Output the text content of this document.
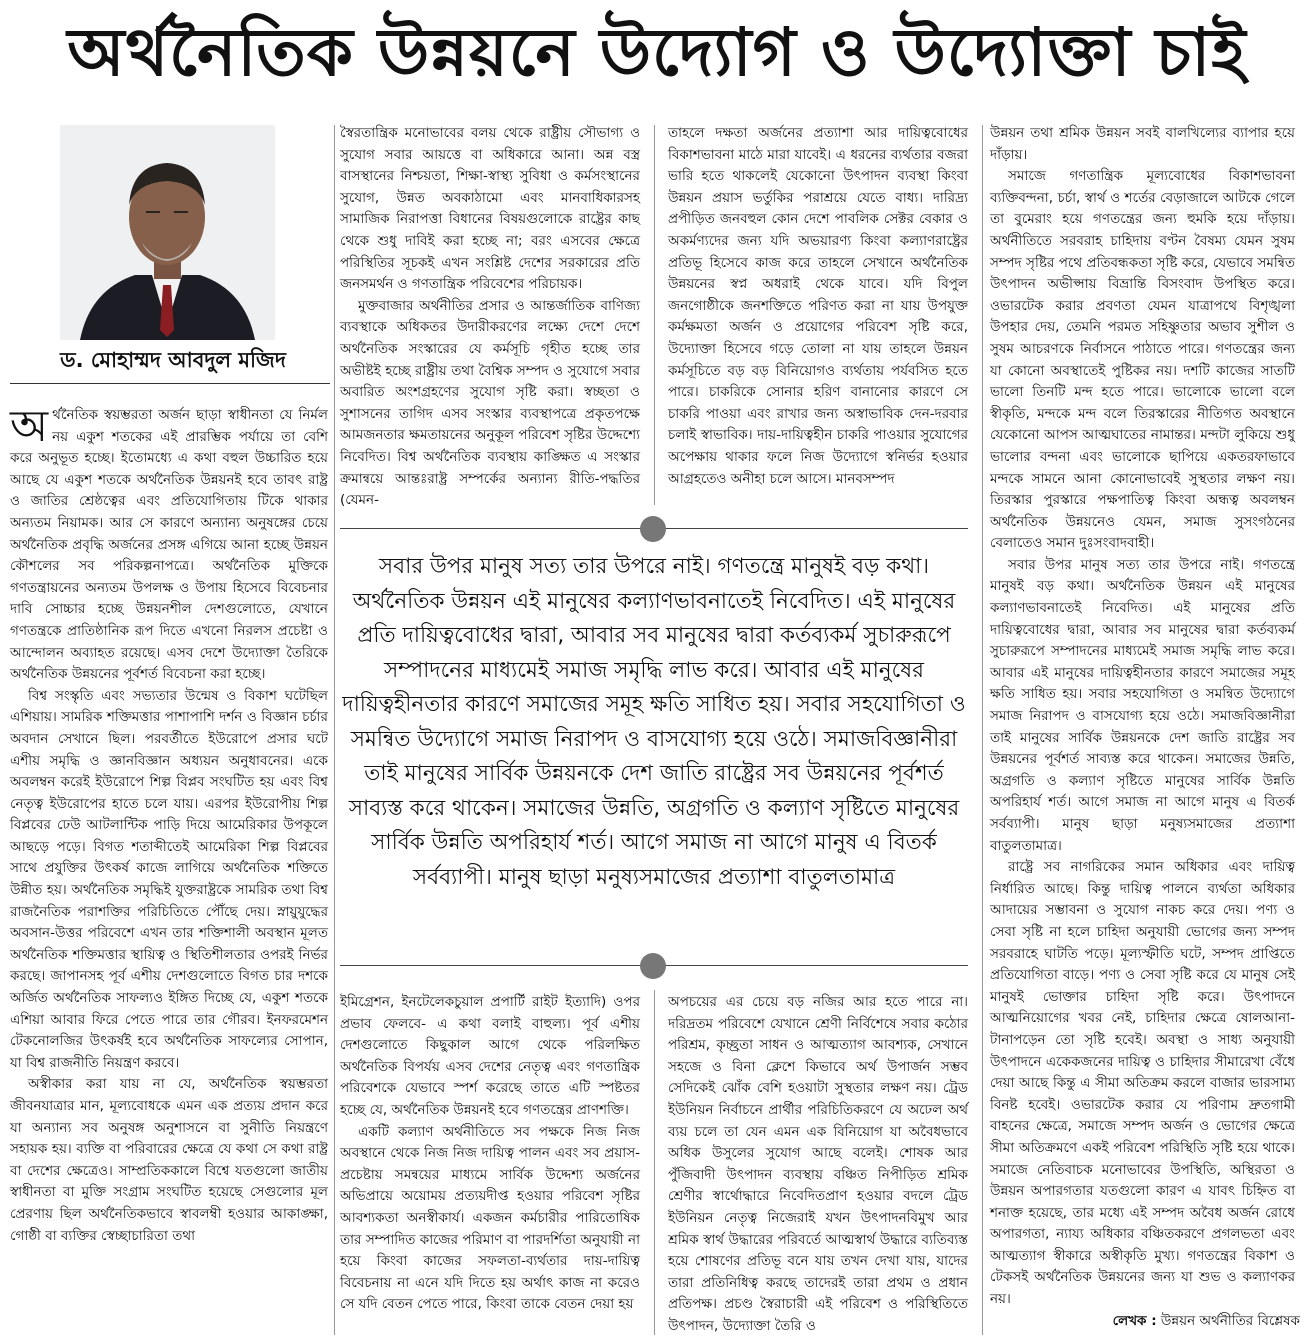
অর্থনৈতিক উন্নয়নে উদ্যোগ ও উদ্যোক্তা চাই
ড. মোহাম্মদ আবদুল মজিদ

অর্থনৈতিক স্বয়ম্ভরতা অর্জন ছাড়া স্বাধীনতা যে নির্মল নয় একুশ শতকের এই প্রারম্ভিক পর্যায়ে তা বেশি করে অনুভূত হচ্ছে। ইতোমধ্যে এ কথা বহুল উচ্চারিত হয়ে আছে যে একুশ শতকে অর্থনৈতিক উন্নয়নই হবে তাবৎ রাষ্ট্র ও জাতির শ্রেষ্ঠত্বের এবং প্রতিযোগিতায় টিকে থাকার অন্যতম নিয়ামক। আর সে কারণে অন্যান্য অনুষঙ্গের চেয়ে অর্থনৈতিক প্রবৃদ্ধি অর্জনের প্রসঙ্গ এগিয়ে আনা হচ্ছে উন্নয়ন কৌশলের সব পরিকল্পনাপত্রে। অর্থনৈতিক মুক্তিকে গণতন্ত্রায়নের অন্যতম উপলক্ষ ও উপায় হিসেবে বিবেচনার দাবি সোচ্চার হচ্ছে উন্নয়নশীল দেশগুলোতে, যেখানে গণতন্ত্রকে প্রাতিষ্ঠানিক রূপ দিতে এখনো নিরলস প্রচেষ্টা ও আন্দোলন অব্যাহত রয়েছে। এসব দেশে উদ্যোক্তা তৈরিকে অর্থনৈতিক উন্নয়নের পূর্বশর্ত বিবেচনা করা হচ্ছে।

বিশ্ব সংস্কৃতি এবং সভ্যতার উন্মেষ ও বিকাশ ঘটেছিল এশিয়ায়। সামরিক শক্তিমত্তার পাশাপাশি দর্শন ও বিজ্ঞান চর্চার অবদান সেখানে ছিল। পরবর্তীতে ইউরোপে প্রসার ঘটে এশীয় সমৃদ্ধি ও জ্ঞানবিজ্ঞান অধ্যয়ন অনুধাবনের। একে অবলম্বন করেই ইউরোপে শিল্প বিপ্লব সংঘটিত হয় এবং বিশ্ব নেতৃত্ব ইউরোপের হাতে চলে যায়। এরপর ইউরোপীয় শিল্প বিপ্লবের ঢেউ আটলান্টিক পাড়ি দিয়ে আমেরিকার উপকূলে আছড়ে পড়ে। বিগত শতাব্দীতেই আমেরিকা শিল্প বিপ্লবের সাথে প্রযুক্তির উৎকর্ষ কাজে লাগিয়ে অর্থনৈতিক শক্তিতে উন্নীত হয়। অর্থনৈতিক সমৃদ্ধিই যুক্তরাষ্ট্রকে সামরিক তথা বিশ্ব রাজনৈতিক পরাশক্তির পরিচিতিতে পৌঁছে দেয়। স্নায়ুযুদ্ধের অবসান-উত্তর পরিবেশে এখন তার শক্তিশালী অবস্থান মূলত অর্থনৈতিক শক্তিমত্তার স্থায়িত্ব ও স্থিতিশীলতার ওপরই নির্ভর করছে। জাপানসহ পূর্ব এশীয় দেশগুলোতে বিগত চার দশকে অর্জিত অর্থনৈতিক সাফল্যও ইঙ্গিত দিচ্ছে যে, একুশ শতকে এশিয়া আবার ফিরে পেতে পারে তার গৌরব। ইনফরমেশন টেকনোলজির উৎকর্ষই হবে অর্থনৈতিক সাফল্যের সোপান, যা বিশ্ব রাজনীতি নিয়ন্ত্রণ করবে।

অস্বীকার করা যায় না যে, অর্থনৈতিক স্বয়ম্ভরতা জীবনযাত্রার মান, মূল্যবোধকে এমন এক প্রত্যয় প্রদান করে যা অন্যান্য সব অনুষঙ্গ অনুশাসনে বা সুনীতি নিয়ন্ত্রণে সহায়ক হয়। ব্যক্তি বা পরিবারের ক্ষেত্রে যে কথা সে কথা রাষ্ট্র বা দেশের ক্ষেত্রেও। সাম্প্রতিককালে বিশ্বে যতগুলো জাতীয় স্বাধীনতা বা মুক্তি সংগ্রাম সংঘটিত হয়েছে সেগুলোর মূল প্রেরণায় ছিল অর্থনৈতিকভাবে স্বাবলম্বী হওয়ার আকাঙ্ক্ষা, গোষ্ঠী বা ব্যক্তির স্বেচ্ছাচারিতা তথা

স্বৈরতান্ত্রিক মনোভাবের বলয় থেকে রাষ্ট্রীয় সৌভাগ্য ও সুযোগ সবার আয়ত্তে বা অধিকারে আনা। অন্ন বস্ত্র বাসস্থানের নিশ্চয়তা, শিক্ষা-স্বাস্থ্য সুবিধা ও কর্মসংস্থানের সুযোগ, উন্নত অবকাঠামো এবং মানবাধিকারসহ সামাজিক নিরাপত্তা বিধানের বিষয়গুলোকে রাষ্ট্রের কাছ থেকে শুধু দাবিই করা হচ্ছে না; বরং এসবের ক্ষেত্রে পরিস্থিতির সূচকই এখন সংশ্লিষ্ট দেশের সরকারের প্রতি জনসমর্থন ও গণতান্ত্রিক পরিবেশের পরিচায়ক।

মুক্তবাজার অর্থনীতির প্রসার ও আন্তর্জাতিক বাণিজ্য ব্যবস্থাকে অধিকতর উদারীকরণের লক্ষ্যে দেশে দেশে অর্থনৈতিক সংস্কারের যে কর্মসূচি গৃহীত হচ্ছে তার অভীষ্টই হচ্ছে রাষ্ট্রীয় তথা বৈশ্বিক সম্পদ ও সুযোগে সবার অবারিত অংশগ্রহণের সুযোগ সৃষ্টি করা। স্বচ্ছতা ও সুশাসনের তাগিদ এসব সংস্কার ব্যবস্থাপত্রে প্রকৃতপক্ষে আমজনতার ক্ষমতায়নের অনুকূল পরিবেশ সৃষ্টির উদ্দেশ্যে নিবেদিত। বিশ্ব অর্থনৈতিক ব্যবস্থায় কাঙ্ক্ষিত এ সংস্কার ক্রমান্বয়ে আন্তঃরাষ্ট্র সম্পর্কের অন্যান্য রীতি-পদ্ধতির (যেমন-

তাহলে দক্ষতা অর্জনের প্রত্যাশা আর দায়িত্ববোধের বিকাশভাবনা মাঠে মারা যাবেই। এ ধরনের ব্যর্থতার বজরা ভারি হতে থাকলেই যেকোনো উৎপাদন ব্যবস্থা কিংবা উন্নয়ন প্রয়াস ভর্তুকির পরাশ্রয়ে যেতে বাধ্য। দারিদ্র্য প্রপীড়িত জনবহুল কোন দেশে পাবলিক সেক্টর বেকার ও অকর্মণ্যদের জন্য যদি অভয়ারণ্য কিংবা কল্যাণরাষ্ট্রের প্রতিভূ হিসেবে কাজ করে তাহলে সেখানে অর্থনৈতিক উন্নয়নের স্বপ্ন অধরাই থেকে যাবে। যদি বিপুল জনগোষ্ঠীকে জনশক্তিতে পরিণত করা না যায় উপযুক্ত কর্মক্ষমতা অর্জন ও প্রয়োগের পরিবেশ সৃষ্টি করে, উদ্যোক্তা হিসেবে গড়ে তোলা না যায় তাহলে উন্নয়ন কর্মসূচিতে বড় বড় বিনিয়োগও ব্যর্থতায় পর্যবসিত হতে পারে। চাকরিকে সোনার হরিণ বানানোর কারণে সে চাকরি পাওয়া এবং রাখার জন্য অস্বাভাবিক দেন-দরবার চলাই স্বাভাবিক। দায়-দায়িত্বহীন চাকরি পাওয়ার সুযোগের অপেক্ষায় থাকার ফলে নিজ উদ্যোগে স্বনির্ভর হওয়ার আগ্রহতেও অনীহা চলে আসে। মানবসম্পদ

উন্নয়ন তথা শ্রমিক উন্নয়ন সবই বালখিল্যের ব্যাপার হয়ে দাঁড়ায়।

সমাজে গণতান্ত্রিক মূল্যবোধের বিকাশভাবনা ব্যক্তিবন্দনা, চর্চা, স্বার্থ ও শর্তের বেড়াজালে আটকে গেলে তা বুমেরাং হয়ে গণতন্ত্রের জন্য হুমকি হয়ে দাঁড়ায়। অর্থনীতিতে সরবরাহ চাহিদায় বণ্টন বৈষম্য যেমন সুষম সম্পদ সৃষ্টির পথে প্রতিবন্ধকতা সৃষ্টি করে, যেভাবে সমন্বিত উৎপাদন অভীপ্সায় বিভ্রান্তি বিসংবাদ উপস্থিত করে। ওভারটেক করার প্রবণতা যেমন যাত্রাপথে বিশৃঙ্খলা উপহার দেয়, তেমনি পরমত সহিষ্ণুতার অভাব সুশীল ও সুষম আচরণকে নির্বাসনে পাঠাতে পারে। গণতন্ত্রের জন্য যা কোনো অবস্থাতেই পুষ্টিকর নয়। দশটি কাজের সাতটি ভালো তিনটি মন্দ হতে পারে। ভালোকে ভালো বলে স্বীকৃতি, মন্দকে মন্দ বলে তিরস্কারের নীতিগত অবস্থানে যেকোনো আপস আত্মঘাতের নামান্তর। মন্দটা লুকিয়ে শুধু ভালোর বন্দনা এবং ভালোকে ছাপিয়ে একতরফাভাবে মন্দকে সামনে আনা কোনোভাবেই সুস্থতার লক্ষণ নয়। তিরস্কার পুরস্কারে পক্ষপাতিত্ব কিংবা অন্ধত্ব অবলম্বন অর্থনৈতিক উন্নয়নেও যেমন, সমাজ সুসংগঠনের বেলাতেও সমান দুঃসংবাদবাহী।

সবার উপর মানুষ সত্য তার উপরে নাই। গণতন্ত্রে মানুষই বড় কথা। অর্থনৈতিক উন্নয়ন এই মানুষের কল্যাণভাবনাতেই নিবেদিত। এই মানুষের প্রতি দায়িত্ববোধের দ্বারা, আবার সব মানুষের দ্বারা কর্তব্যকর্ম সুচারুরূপে সম্পাদনের মাধ্যমেই সমাজ সমৃদ্ধি লাভ করে। আবার এই মানুষের দায়িত্বহীনতার কারণে সমাজের সমূহ ক্ষতি সাধিত হয়। সবার সহযোগিতা ও সমন্বিত উদ্যোগে সমাজ নিরাপদ ও বাসযোগ্য হয়ে ওঠে। সমাজবিজ্ঞানীরা তাই মানুষের সার্বিক উন্নয়নকে দেশ জাতি রাষ্ট্রের সব উন্নয়নের পূর্বশর্ত সাব্যস্ত করে থাকেন। সমাজের উন্নতি, অগ্রগতি ও কল্যাণ সৃষ্টিতে মানুষের সার্বিক উন্নতি অপরিহার্য শর্ত। আগে সমাজ না আগে মানুষ এ বিতর্ক সর্বব্যাপী। মানুষ ছাড়া মনুষ্যসমাজের প্রত্যাশা বাতুলতামাত্র।

রাষ্ট্রে সব নাগরিকের সমান অধিকার এবং দায়িত্ব নির্ধারিত আছে। কিন্তু দায়িত্ব পালনে ব্যর্থতা অধিকার আদায়ের সম্ভাবনা ও সুযোগ নাকচ করে দেয়। পণ্য ও সেবা সৃষ্টি না হলে চাহিদা অনুযায়ী ভোগের জন্য সম্পদ সরবরাহে ঘাটতি পড়ে। মূল্যস্ফীতি ঘটে, সম্পদ প্রাপ্তিতে প্রতিযোগিতা বাড়ে। পণ্য ও সেবা সৃষ্টি করে যে মানুষ সেই মানুষই ভোক্তার চাহিদা সৃষ্টি করে। উৎপাদনে আত্মনিয়োগের খবর নেই, চাহিদার ক্ষেত্রে ষোলআনা-টানাপড়েন তো সৃষ্টি হবেই। অবস্থা ও সাধ্য অনুযায়ী উৎপাদনে একেকজনের দায়িত্ব ও চাহিদার সীমারেখা বেঁধে দেয়া আছে কিন্তু এ সীমা অতিক্রম করলে বাজার ভারসাম্য বিনষ্ট হবেই। ওভারটেক করার যে পরিণাম দ্রুতগামী বাহনের ক্ষেত্রে, সমাজে সম্পদ অর্জন ও ভোগের ক্ষেত্রে সীমা অতিক্রমণে একই পরিবেশ পরিস্থিতি সৃষ্টি হয়ে থাকে। সমাজে নেতিবাচক মনোভাবের উপস্থিতি, অস্থিরতা ও উন্নয়ন অপারগতার যতগুলো কারণ এ যাবৎ চিহ্নিত বা শনাক্ত হয়েছে, তার মধ্যে এই সম্পদ অবৈধ অর্জন রোধে অপারগতা, ন্যায্য অধিকার বঞ্চিতকরণে প্রগলভতা এবং আত্মত্যাগ স্বীকারে অস্বীকৃতি মুখ্য। গণতন্ত্রের বিকাশ ও টেকসই অর্থনৈতিক উন্নয়নের জন্য যা শুভ ও কল্যাণকর নয়।

সবার উপর মানুষ সত্য তার উপরে নাই। গণতন্ত্রে মানুষই বড় কথা। অর্থনৈতিক উন্নয়ন এই মানুষের কল্যাণভাবনাতেই নিবেদিত। এই মানুষের প্রতি দায়িত্ববোধের দ্বারা, আবার সব মানুষের দ্বারা কর্তব্যকর্ম সুচারুরূপে সম্পাদনের মাধ্যমেই সমাজ সমৃদ্ধি লাভ করে। আবার এই মানুষের দায়িত্বহীনতার কারণে সমাজের সমূহ ক্ষতি সাধিত হয়। সবার সহযোগিতা ও সমন্বিত উদ্যোগে সমাজ নিরাপদ ও বাসযোগ্য হয়ে ওঠে। সমাজবিজ্ঞানীরা তাই মানুষের সার্বিক উন্নয়নকে দেশ জাতি রাষ্ট্রের সব উন্নয়নের পূর্বশর্ত সাব্যস্ত করে থাকেন। সমাজের উন্নতি, অগ্রগতি ও কল্যাণ সৃষ্টিতে মানুষের সার্বিক উন্নতি অপরিহার্য শর্ত। আগে সমাজ না আগে মানুষ এ বিতর্ক সর্বব্যাপী। মানুষ ছাড়া মনুষ্যসমাজের প্রত্যাশা বাতুলতামাত্র

ইমিগ্রেশন, ইনটেলেকচুয়াল প্রপার্টি রাইট ইত্যাদি) ওপর প্রভাব ফেলবে- এ কথা বলাই বাহুল্য। পূর্ব এশীয় দেশগুলোতে কিছুকাল আগে থেকে পরিলক্ষিত অর্থনৈতিক বিপর্যয় এসব দেশের নেতৃত্ব এবং গণতান্ত্রিক পরিবেশকে যেভাবে স্পর্শ করেছে তাতে এটি স্পষ্টতর হচ্ছে যে, অর্থনৈতিক উন্নয়নই হবে গণতন্ত্রের প্রাণশক্তি।

একটি কল্যাণ অর্থনীতিতে সব পক্ষকে নিজ নিজ অবস্থানে থেকে নিজ নিজ দায়িত্ব পালন এবং সব প্রয়াস-প্রচেষ্টায় সমন্বয়ের মাধ্যমে সার্বিক উদ্দেশ্য অর্জনের অভিপ্রায়ে অয়োময় প্রত্যয়দীপ্ত হওয়ার পরিবেশ সৃষ্টির আবশ্যকতা অনস্বীকার্য। একজন কর্মচারীর পারিতোষিক তার সম্পাদিত কাজের পরিমাণ বা পারদর্শিতা অনুযায়ী না হয়ে কিংবা কাজের সফলতা-ব্যর্থতার দায়-দায়িত্ব বিবেচনায় না এনে যদি দিতে হয় অর্থাৎ কাজ না করেও সে যদি বেতন পেতে পারে, কিংবা তাকে বেতন দেয়া হয়

অপচয়ের এর চেয়ে বড় নজির আর হতে পারে না। দরিদ্রতম পরিবেশে যেখানে শ্রেণী নির্বিশেষে সবার কঠোর পরিশ্রম, কৃচ্ছ্রতা সাধন ও আত্মত্যাগ আবশ্যক, সেখানে সহজে ও বিনা ক্লেশে কিভাবে অর্থ উপার্জন সম্ভব সেদিকেই ঝোঁক বেশি হওয়াটা সুস্থতার লক্ষণ নয়। ট্রেড ইউনিয়ন নির্বাচনে প্রার্থীর পরিচিতিকরণে যে অঢেল অর্থ ব্যয় চলে তা যেন এমন এক বিনিয়োগ যা অবৈধভাবে অধিক উসুলের সুযোগ আছে বলেই। শোষক আর পুঁজিবাদী উৎপাদন ব্যবস্থায় বঞ্চিত নিপীড়িত শ্রমিক শ্রেণীর স্বার্থোদ্ধারে নিবেদিতপ্রাণ হওয়ার বদলে ট্রেড ইউনিয়ন নেতৃত্ব নিজেরাই যখন উৎপাদনবিমুখ আর শ্রমিক স্বার্থ উদ্ধারের পরিবর্তে আত্মস্বার্থ উদ্ধারে ব্যতিব্যস্ত হয়ে শোষণের প্রতিভূ বনে যায় তখন দেখা যায়, যাদের তারা প্রতিনিধিত্ব করছে তাদেরই তারা প্রথম ও প্রধান প্রতিপক্ষ। প্রচণ্ড স্বৈরাচারী এই পরিবেশ ও পরিস্থিতিতে উৎপাদন, উদ্যোক্তা তৈরি ও	লেখক : উন্নয়ন অর্থনীতির বিশ্লেষক
